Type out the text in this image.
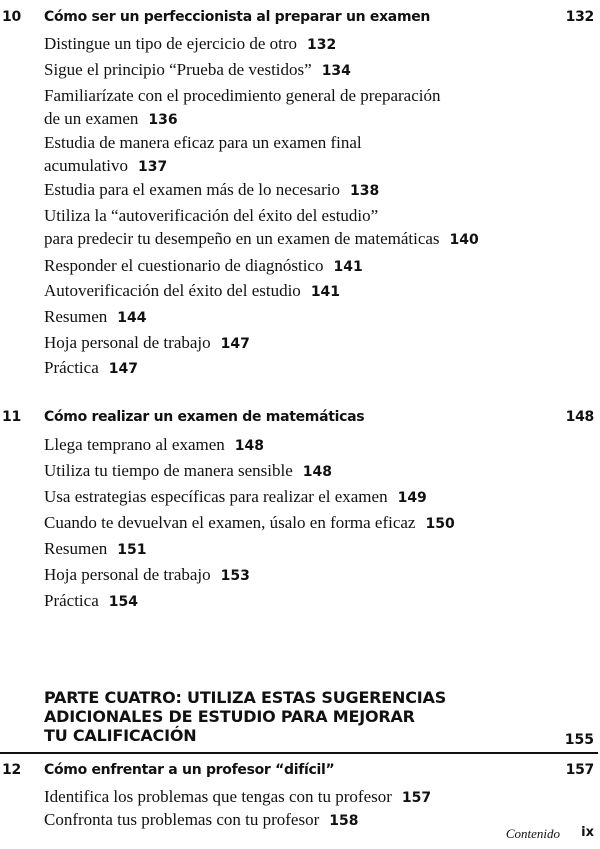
10 Cómo ser un perfeccionista al preparar un examen	132
Distingue un tipo de ejercicio de otro 132
Sigue el principio “Prueba de vestidos” 134
Familiarízate con el procedimiento general de preparación
de un examen 136
Estudia de manera eficaz para un examen final
acumulativo 137
Estudia para el examen más de lo necesario 138
Utiliza la “autoverificación del éxito del estudio”
para predecir tu desempeño en un examen de matemáticas 140
Responder el cuestionario de diagnóstico 141
Autoverificación del éxito del estudio 141
Resumen 144
Hoja personal de trabajo 147
Práctica 147
11 Cómo realizar un examen de matemáticas	148
Llega temprano al examen 148
Utiliza tu tiempo de manera sensible 148
Usa estrategias específicas para realizar el examen 149
Cuando te devuelvan el examen, úsalo en forma eficaz 150
Resumen 151
Hoja personal de trabajo 153
Práctica 154
PARTE CUATRO: UTILIZA ESTAS SUGERENCIAS
ADICIONALES DE ESTUDIO PARA MEJORAR
TU CALIFICACIÓN	155
12 Cómo enfrentar a un profesor “difícil”	157
Identifica los problemas que tengas con tu profesor 157
Confronta tus problemas con tu profesor 158
Contenido ix
